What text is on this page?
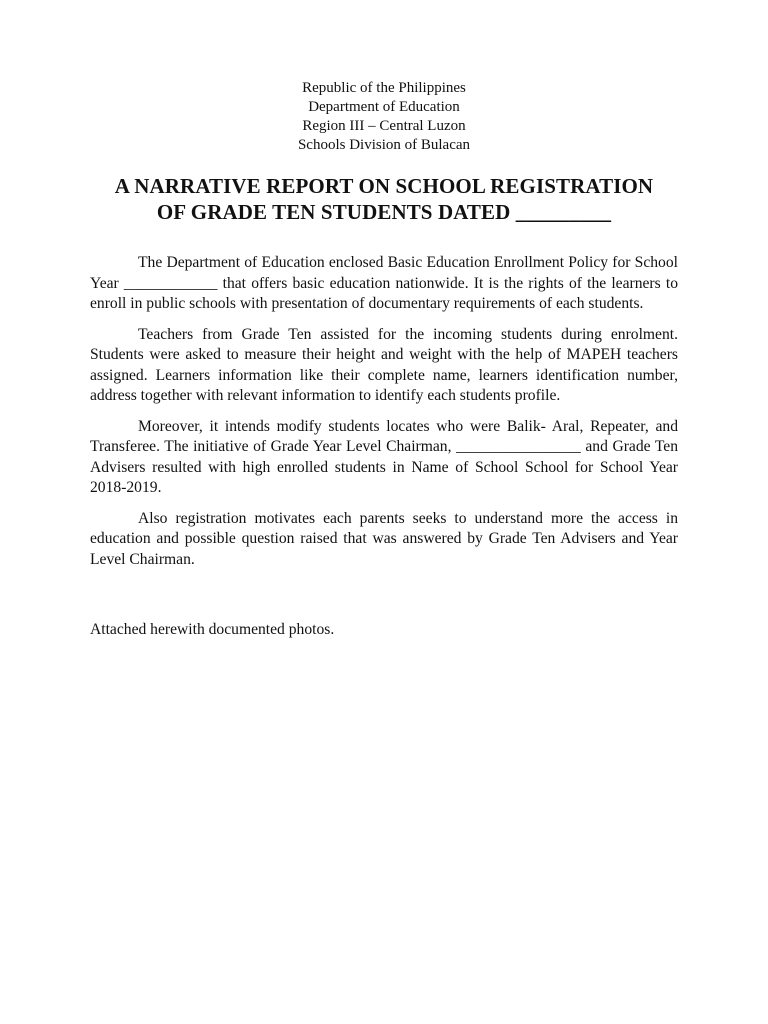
Republic of the Philippines
Department of Education
Region III – Central Luzon
Schools Division of Bulacan
A NARRATIVE REPORT ON SCHOOL REGISTRATION
OF GRADE TEN STUDENTS DATED _________

The Department of Education enclosed Basic Education Enrollment Policy for School Year ____________ that offers basic education nationwide. It is the rights of the learners to enroll in public schools with presentation of documentary requirements of each students.

Teachers from Grade Ten assisted for the incoming students during enrolment. Students were asked to measure their height and weight with the help of MAPEH teachers assigned. Learners information like their complete name, learners identification number, address together with relevant information to identify each students profile.

Moreover, it intends modify students locates who were Balik- Aral, Repeater, and Transferee. The initiative of Grade Year Level Chairman, ________________ and Grade Ten Advisers resulted with high enrolled students in Name of School School for School Year 2018-2019.

Also registration motivates each parents seeks to understand more the access in education and possible question raised that was answered by Grade Ten Advisers and Year Level Chairman.

Attached herewith documented photos.
